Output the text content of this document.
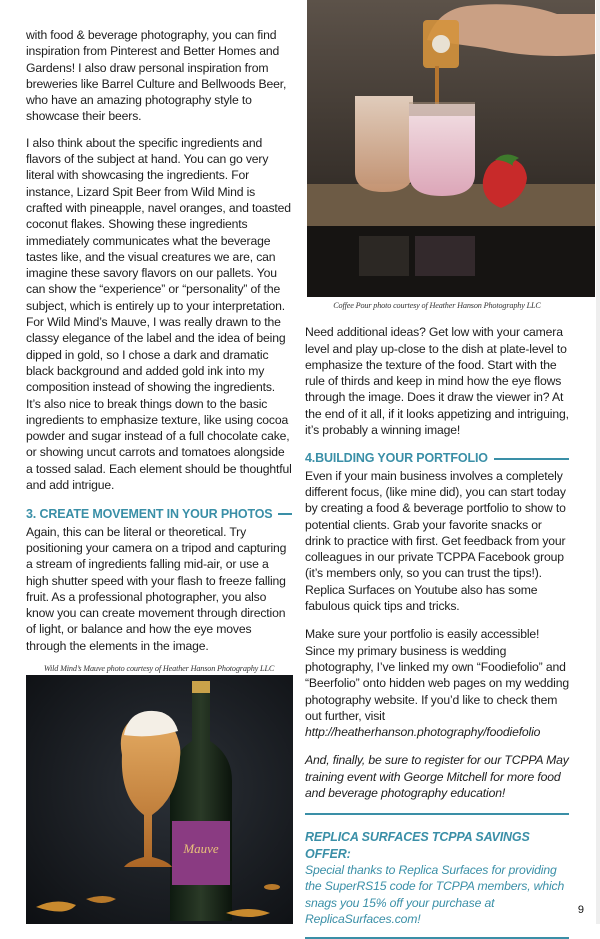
with food & beverage photography, you can find inspiration from Pinterest and Better Homes and Gardens! I also draw personal inspiration from breweries like Barrel Culture and Bellwoods Beer, who have an amazing photography style to showcase their beers.

I also think about the specific ingredients and flavors of the subject at hand. You can go very literal with showcasing the ingredients. For instance, Lizard Spit Beer from Wild Mind is crafted with pineapple, navel oranges, and toasted coconut flakes. Showing these ingredients immediately communicates what the beverage tastes like, and the visual creatures we are, can imagine these savory flavors on our pallets. You can show the “experience” or “personality” of the subject, which is entirely up to your interpretation. For Wild Mind’s Mauve, I was really drawn to the classy elegance of the label and the idea of being dipped in gold, so I chose a dark and dramatic black background and added gold ink into my composition instead of showing the ingredients. It’s also nice to break things down to the basic ingredients to emphasize texture, like using cocoa powder and sugar instead of a full chocolate cake, or showing uncut carrots and tomatoes alongside a tossed salad. Each element should be thoughtful and add intrigue.

3. CREATE MOVEMENT IN YOUR PHOTOS

Again, this can be literal or theoretical. Try positioning your camera on a tripod and capturing a stream of ingredients falling mid-air, or use a high shutter speed with your flash to freeze falling fruit. As a professional photographer, you also know you can create movement through direction of light, or balance and how the eye moves through the elements in the image.

Wild Mind’s Mauve photo courtesy of Heather Hanson Photography LLC
Mauve
Coffee Pour photo courtesy of Heather Hanson Photography LLC

Need additional ideas? Get low with your camera level and play up-close to the dish at plate-level to emphasize the texture of the food. Start with the rule of thirds and keep in mind how the eye flows through the image. Does it draw the viewer in? At the end of it all, if it looks appetizing and intriguing, it’s probably a winning image!

4.BUILDING YOUR PORTFOLIO

Even if your main business involves a completely different focus, (like mine did), you can start today by creating a food & beverage portfolio to show to potential clients. Grab your favorite snacks or drink to practice with first. Get feedback from your colleagues in our private TCPPA Facebook group (it’s members only, so you can trust the tips!). Replica Surfaces on Youtube also has some fabulous quick tips and tricks.

Make sure your portfolio is easily accessible! Since my primary business is wedding photography, I’ve linked my own “Foodiefolio” and “Beerfolio” onto hidden web pages on my wedding photography website. If you’d like to check them out further, visit http://heatherhanson.photography/foodiefolio

And, finally, be sure to register for our TCPPA May training event with George Mitchell for more food and beverage photography education!

REPLICA SURFACES TCPPA SAVINGS OFFER:
Special thanks to Replica Surfaces for providing the SuperRS15 code for TCPPA members, which snags you 15% off your purchase at ReplicaSurfaces.com!
9
